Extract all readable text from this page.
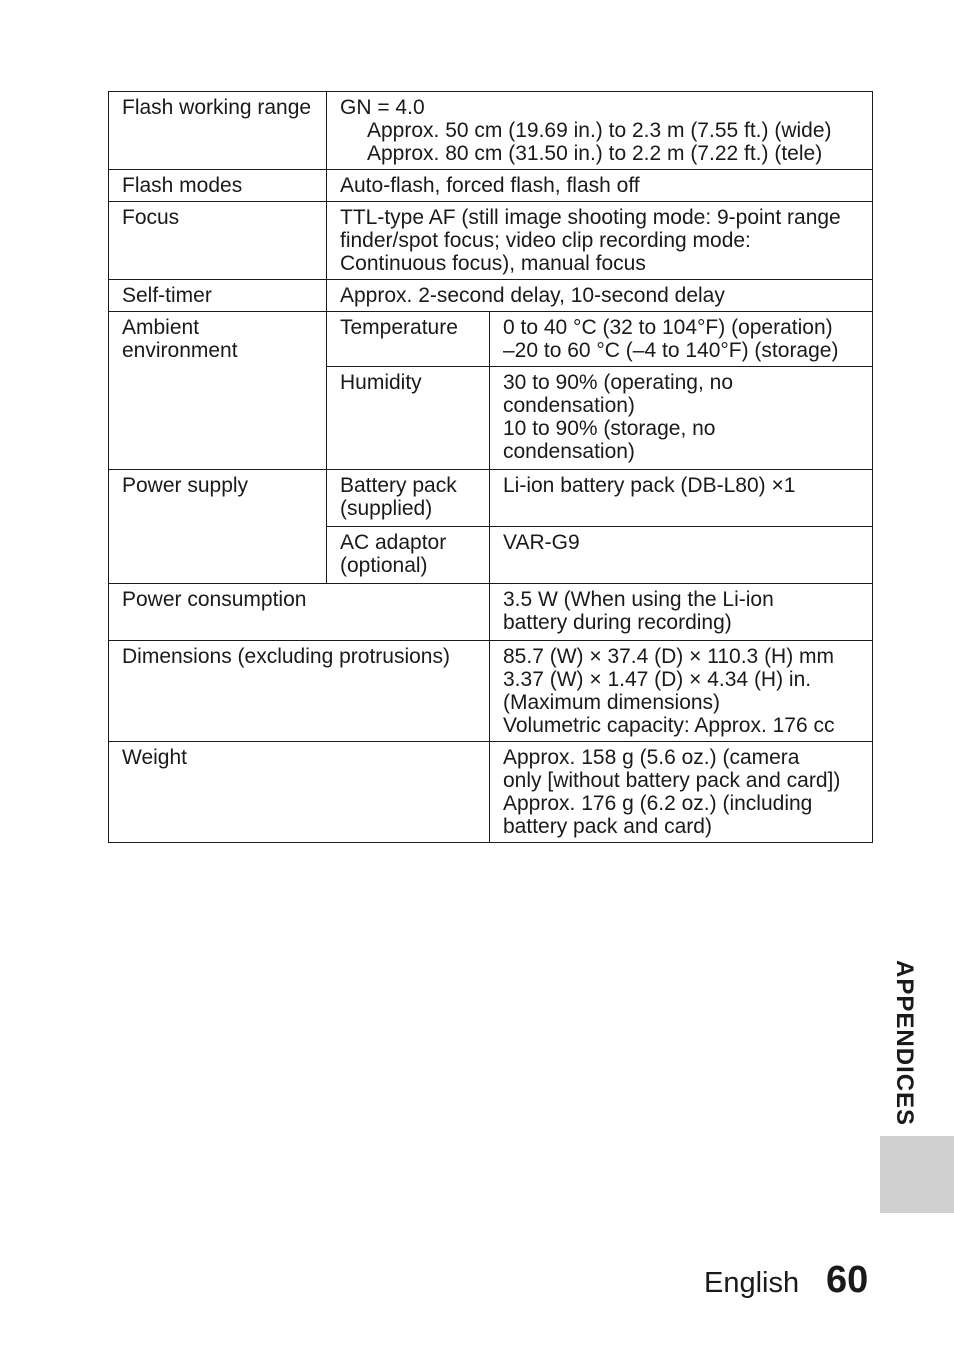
Flash working range	GN = 4.0
Approx. 50 cm (19.69 in.) to 2.3 m (7.55 ft.) (wide)
Approx. 80 cm (31.50 in.) to 2.2 m (7.22 ft.) (tele)	

Flash modes	Auto-flash, forced flash, flash off	
Focus	TTL-type AF (still image shooting mode: 9-point range finder/spot focus; video clip recording mode: Continuous focus), manual focus	
Self-timer	Approx. 2-second delay, 10-second delay	
Ambient environment	Temperature	0 to 40 °C (32 to 104°F) (operation)
–20 to 60 °C (–4 to 140°F) (storage)

	Humidity	30 to 90% (operating, no condensation)
10 to 90% (storage, no condensation)

Power supply	Battery pack (supplied)	Li-ion battery pack (DB-L80) ×1
	AC adaptor (optional)	VAR-G9
Power consumption		3.5 W (When using the Li-ion battery during recording)
Dimensions (excluding protrusions)		85.7 (W) × 37.4 (D) × 110.3 (H) mm
3.37 (W) × 1.47 (D) × 4.34 (H) in.
(Maximum dimensions)
Volumetric capacity: Approx. 176 cc

Weight		Approx. 158 g (5.6 oz.) (camera only [without battery pack and card])
Approx. 176 g (6.2 oz.) (including battery pack and card)
APPENDICES
English 60
